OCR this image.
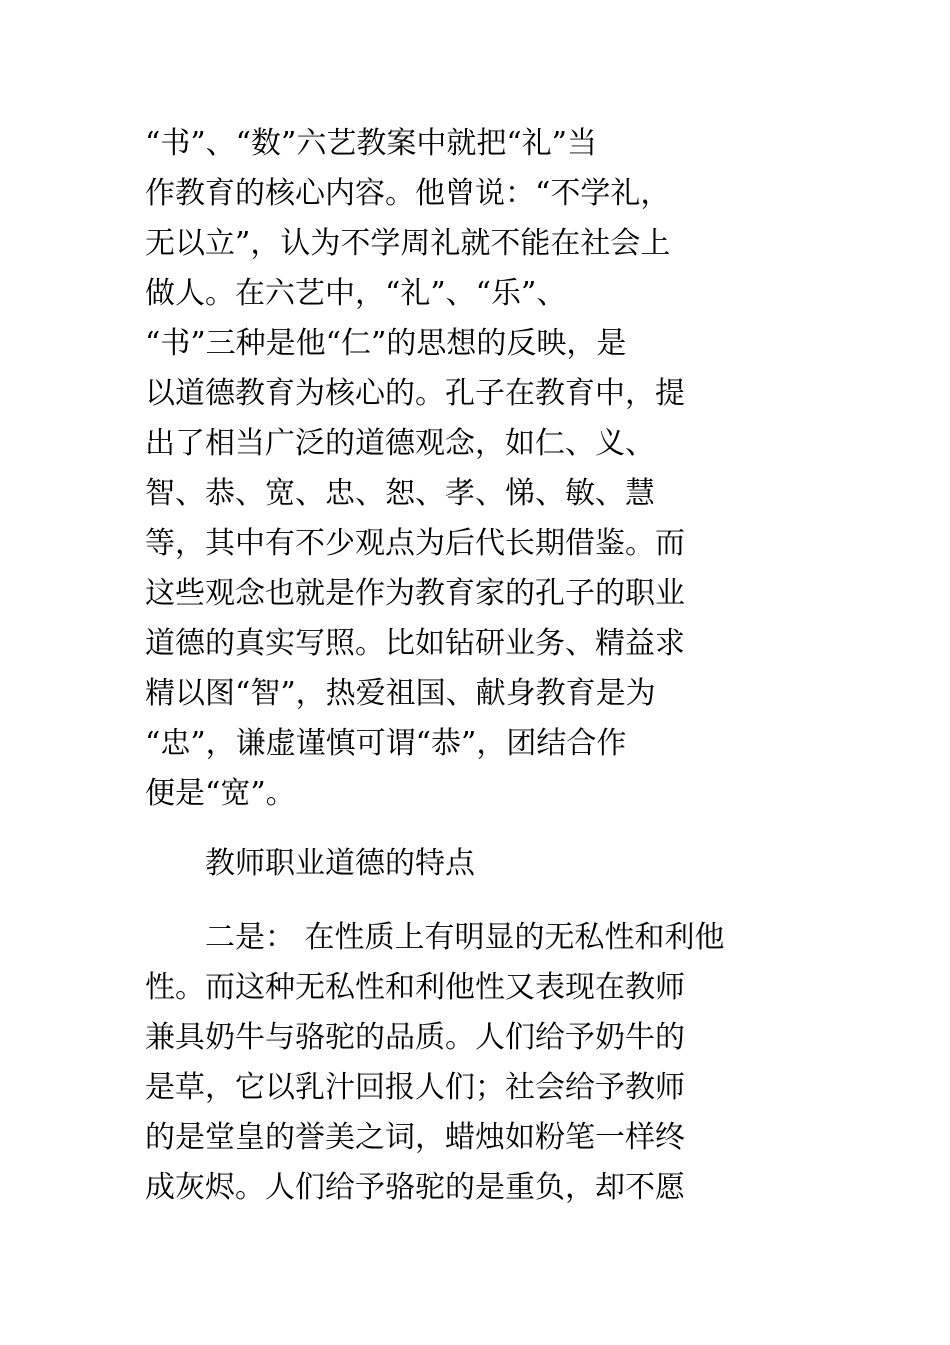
“书”、“数”六艺教案中就把“礼”当
作教育的核心内容。他曾说：“不学礼，
无以立”，认为不学周礼就不能在社会上
做人。在六艺中，“礼”、“乐”、
“书”三种是他“仁”的思想的反映，是
以道德教育为核心的。孔子在教育中，提
出了相当广泛的道德观念，如仁、义、
智、恭、宽、忠、恕、孝、悌、敏、慧
等，其中有不少观点为后代长期借鉴。而
这些观念也就是作为教育家的孔子的职业
道德的真实写照。比如钻研业务、精益求
精以图“智”，热爱祖国、献身教育是为
“忠”，谦虚谨慎可谓“恭”，团结合作
便是“宽”。
教师职业道德的特点
二是： 在性质上有明显的无私性和利他
性。而这种无私性和利他性又表现在教师
兼具奶牛与骆驼的品质。人们给予奶牛的
是草，它以乳汁回报人们；社会给予教师
的是堂皇的誉美之词，蜡烛如粉笔一样终
成灰烬。人们给予骆驼的是重负，却不愿
